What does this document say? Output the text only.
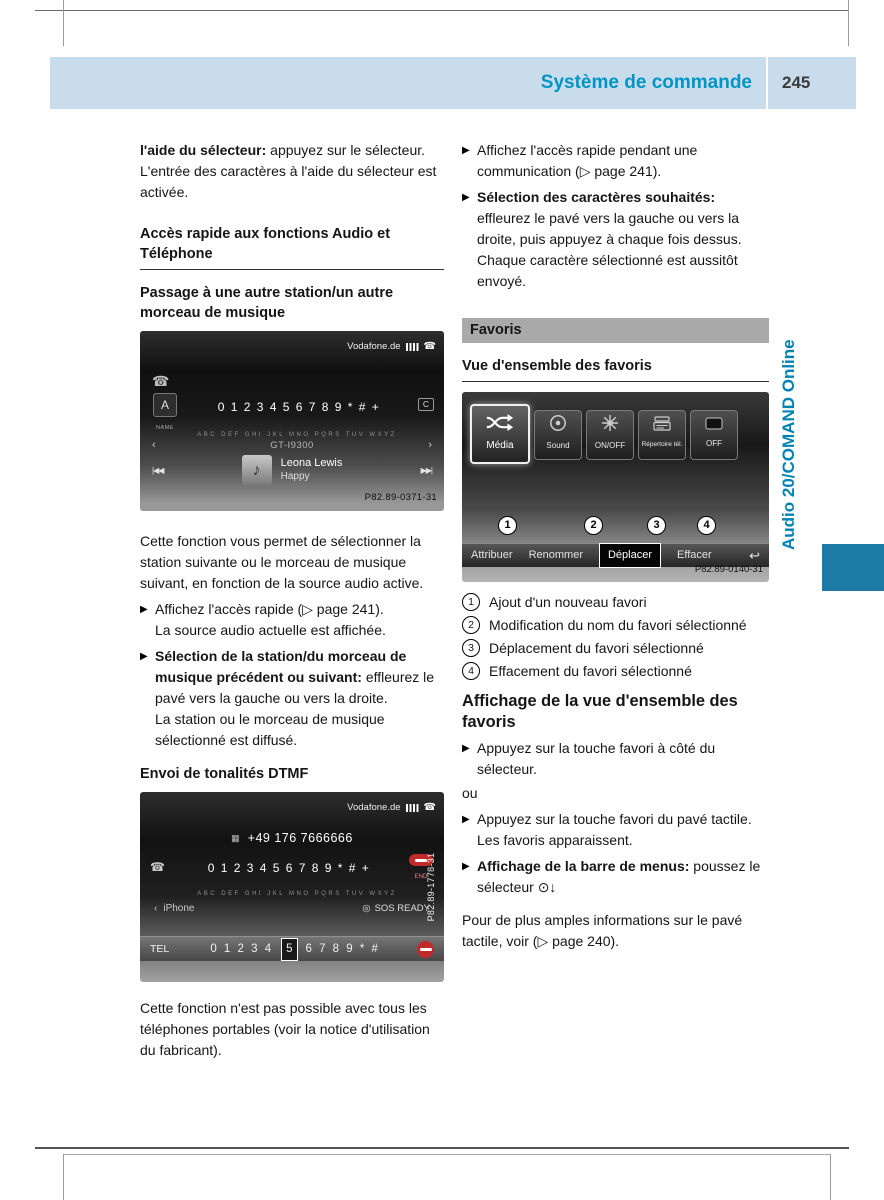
Système de commande	245
Audio 20/COMAND Online

l'aide du sélecteur: appuyez sur le sélecteur.
L'entrée des caractères à l'aide du sélecteur est activée.

Accès rapide aux fonctions Audio et Téléphone
Passage à une autre station/un autre morceau de musique
Vodafone.de ☎
☎
A
NAME
0 1 2 3 4 5 6 7 8 9 * # +	C
ABC DEF GHI JKL MNO PQRS TUV WXYZ
‹	GT-I9300	›
|◀◀	♪	Leona Lewis
Happy
▶▶|
P82.89-0371-31

Cette fonction vous permet de sélectionner la station suivante ou le morceau de musique suivant, en fonction de la source audio active.

▶ Affichez l'accès rapide (▷ page 241).
La source audio actuelle est affichée.
▶ Sélection de la station/du morceau de musique précédent ou suivant: effleurez le pavé vers la gauche ou vers la droite.
La station ou le morceau de musique sélectionné est diffusé.
Envoi de tonalités DTMF
Vodafone.de ☎
▦ +49 176 7666666
☎	0 1 2 3 4 5 6 7 8 9 * # +
END
ABC DEF GHI JKL MNO PQRS TUV WXYZ
‹ iPhone	◎ SOS READY
TEL	0 1 2 3 4	5	6 7 8 9 * #
P82.89-1778-31

Cette fonction n'est pas possible avec tous les téléphones portables (voir la notice d'utilisation du fabricant).

▶ Affichez l'accès rapide pendant une communication (▷ page 241).
▶ Sélection des caractères souhaités: effleurez le pavé vers la gauche ou vers la droite, puis appuyez à chaque fois dessus. Chaque caractère sélectionné est aussitôt envoyé.
Favoris
Vue d'ensemble des favoris
Média	Sound	ON/OFF	Répertoire tél.	OFF
1	2	3	4
Attribuer Renommer	Déplacer	Effacer	↩
P82.89-0140-31
1	Ajout d'un nouveau favori
2	Modification du nom du favori sélectionné
3	Déplacement du favori sélectionné
4	Effacement du favori sélectionné
Affichage de la vue d'ensemble des favoris
▶ Appuyez sur la touche favori à côté du sélecteur.

ou

▶ Appuyez sur la touche favori du pavé tactile.
Les favoris apparaissent.
▶ Affichage de la barre de menus: poussez le sélecteur ⊙↓

Pour de plus amples informations sur le pavé tactile, voir (▷ page 240).
